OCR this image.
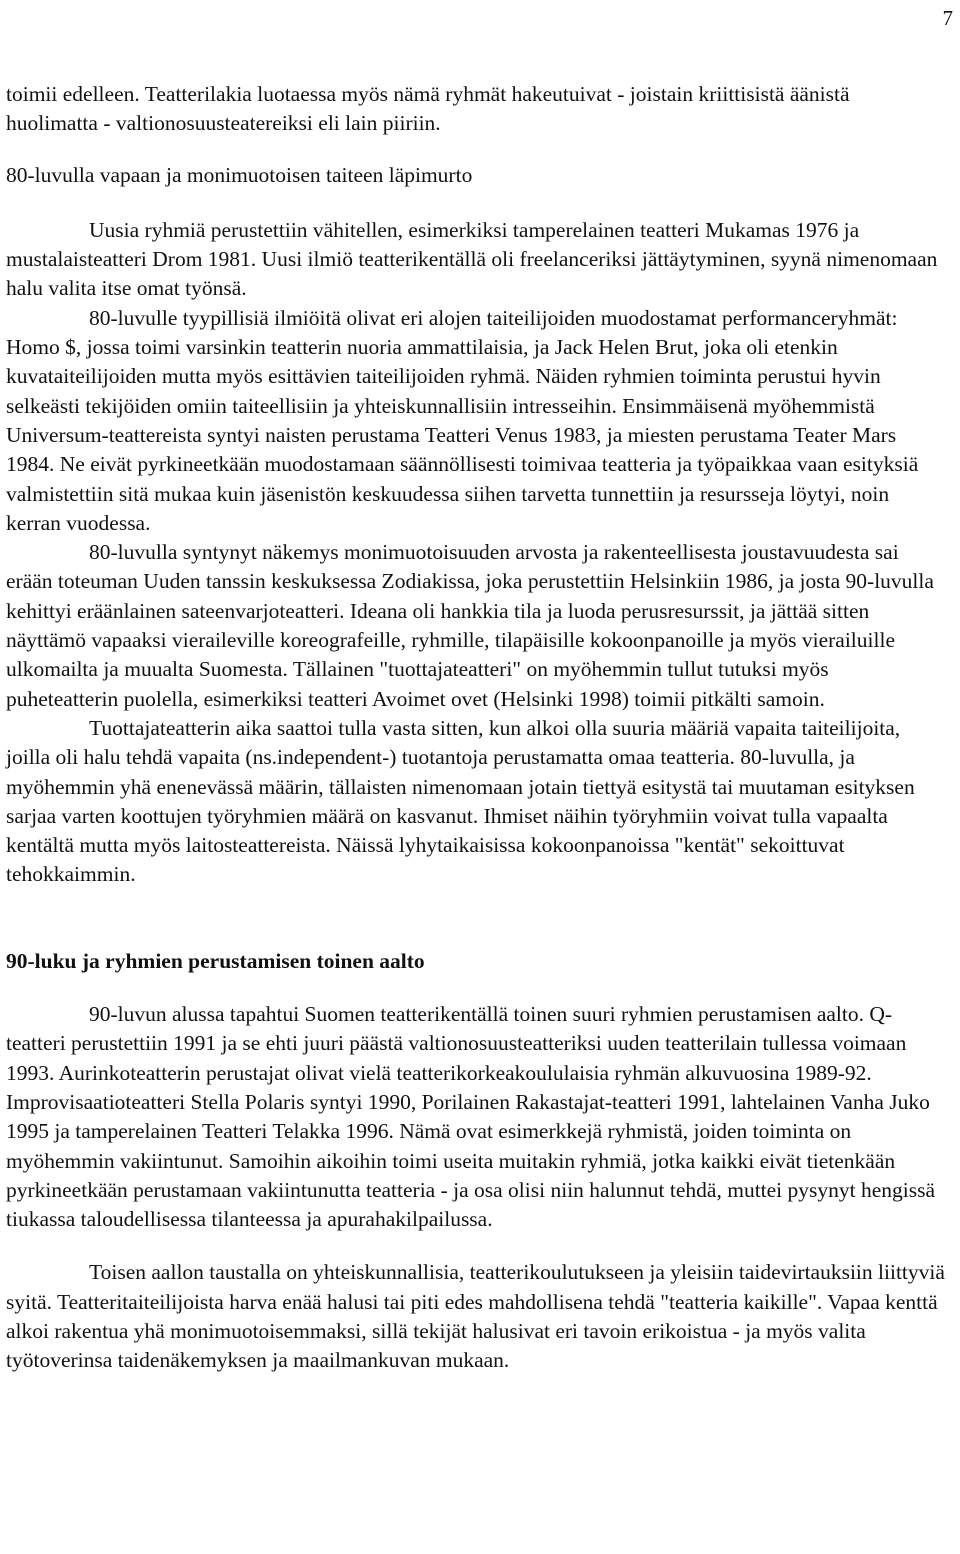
7

toimii edelleen. Teatterilakia luotaessa myös nämä ryhmät hakeutuivat - joistain kriittisistä äänistä huolimatta - valtionosuusteatereiksi eli lain piiriin.

80-luvulla vapaan ja monimuotoisen taiteen läpimurto

Uusia ryhmiä perustettiin vähitellen, esimerkiksi tamperelainen teatteri Mukamas 1976 ja mustalaisteatteri Drom 1981. Uusi ilmiö teatterikentällä oli freelanceriksi jättäytyminen, syynä nimenomaan halu valita itse omat työnsä.

80-luvulle tyypillisiä ilmiöitä olivat eri alojen taiteilijoiden muodostamat performanceryhmät: Homo $, jossa toimi varsinkin teatterin nuoria ammattilaisia, ja Jack Helen Brut, joka oli etenkin kuvataiteilijoiden mutta myös esittävien taiteilijoiden ryhmä. Näiden ryhmien toiminta perustui hyvin selkeästi tekijöiden omiin taiteellisiin ja yhteiskunnallisiin intresseihin. Ensimmäisenä myöhemmistä Universum-teattereista syntyi naisten perustama Teatteri Venus 1983, ja miesten perustama Teater Mars 1984. Ne eivät pyrkineetkään muodostamaan säännöllisesti toimivaa teatteria ja työpaikkaa vaan esityksiä valmistettiin sitä mukaa kuin jäsenistön keskuudessa siihen tarvetta tunnettiin ja resursseja löytyi, noin kerran vuodessa.

80-luvulla syntynyt näkemys monimuotoisuuden arvosta ja rakenteellisesta joustavuudesta sai erään toteuman Uuden tanssin keskuksessa Zodiakissa, joka perustettiin Helsinkiin 1986, ja josta 90-luvulla kehittyi eräänlainen sateenvarjoteatteri. Ideana oli hankkia tila ja luoda perusresurssit, ja jättää sitten näyttämö vapaaksi vieraileville koreografeille, ryhmille, tilapäisille kokoonpanoille ja myös vierailuille ulkomailta ja muualta Suomesta. Tällainen "tuottajateatteri" on myöhemmin tullut tutuksi myös puheteatterin puolella, esimerkiksi teatteri Avoimet ovet (Helsinki 1998) toimii pitkälti samoin.

Tuottajateatterin aika saattoi tulla vasta sitten, kun alkoi olla suuria määriä vapaita taiteilijoita, joilla oli halu tehdä vapaita (ns.independent-) tuotantoja perustamatta omaa teatteria. 80-luvulla, ja myöhemmin yhä enenevässä määrin, tällaisten nimenomaan jotain tiettyä esitystä tai muutaman esityksen sarjaa varten koottujen työryhmien määrä on kasvanut. Ihmiset näihin työryhmiin voivat tulla vapaalta kentältä mutta myös laitosteattereista. Näissä lyhytaikaisissa kokoonpanoissa "kentät" sekoittuvat tehokkaimmin.

90-luku ja ryhmien perustamisen toinen aalto

90-luvun alussa tapahtui Suomen teatterikentällä toinen suuri ryhmien perustamisen aalto. Q-teatteri perustettiin 1991 ja se ehti juuri päästä valtionosuusteatteriksi uuden teatterilain tullessa voimaan 1993. Aurinkoteatterin perustajat olivat vielä teatterikorkeakoululaisia ryhmän alkuvuosina 1989-92. Improvisaatioteatteri Stella Polaris syntyi 1990, Porilainen Rakastajat-teatteri 1991, lahtelainen Vanha Juko 1995 ja tamperelainen Teatteri Telakka 1996. Nämä ovat esimerkkejä ryhmistä, joiden toiminta on myöhemmin vakiintunut. Samoihin aikoihin toimi useita muitakin ryhmiä, jotka kaikki eivät tietenkään pyrkineetkään perustamaan vakiintunutta teatteria - ja osa olisi niin halunnut tehdä, muttei pysynyt hengissä tiukassa taloudellisessa tilanteessa ja apurahakilpailussa.

Toisen aallon taustalla on yhteiskunnallisia, teatterikoulutukseen ja yleisiin taidevirtauksiin liittyviä syitä. Teatteritaiteilijoista harva enää halusi tai piti edes mahdollisena tehdä "teatteria kaikille". Vapaa kenttä alkoi rakentua yhä monimuotoisemmaksi, sillä tekijät halusivat eri tavoin erikoistua - ja myös valita työtoverinsa taidenäkemyksen ja maailmankuvan mukaan.
